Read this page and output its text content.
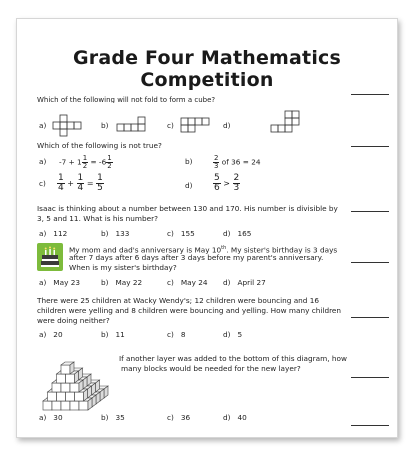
Grade Four Mathematics Competition
Which of the following will not fold to form a cube?
a)	b)	c)	d)
Which of the following is not true?
a) $-7 + 1 \frac{1}{2} = -6 \frac{1}{2}$	b)	$\frac{2}{3}$ of 36 = 24
$c) \frac{1}{4} + \frac{1}{4} = \frac{1}{5}$	$d) \frac{5}{6} > \frac{2}{3}$
Isaac is thinking about a number between 130 and 170. His number is divisible by
3, 5 and 11. What is his number?
a) 112	b) 133	c) 155	d) 165
My mom and dad's anniversary is May 10th. My sister's birthday is 3 days
after 7 days after 6 days after 3 days before my parent's anniversary.
When is my sister's birthday?
a) May 23	b) May 22	c) May 24 d) April 27
There were 25 children at Wacky Wendy's; 12 children were bouncing and 16
children were yelling and 8 children were bouncing and yelling. How many children
were doing neither?
a) 20	b) 11	c) 8	d) 5
If another layer was added to the bottom of this diagram, how
many blocks would be needed for the new layer?
a) 30	b) 35	c) 36	d) 40
